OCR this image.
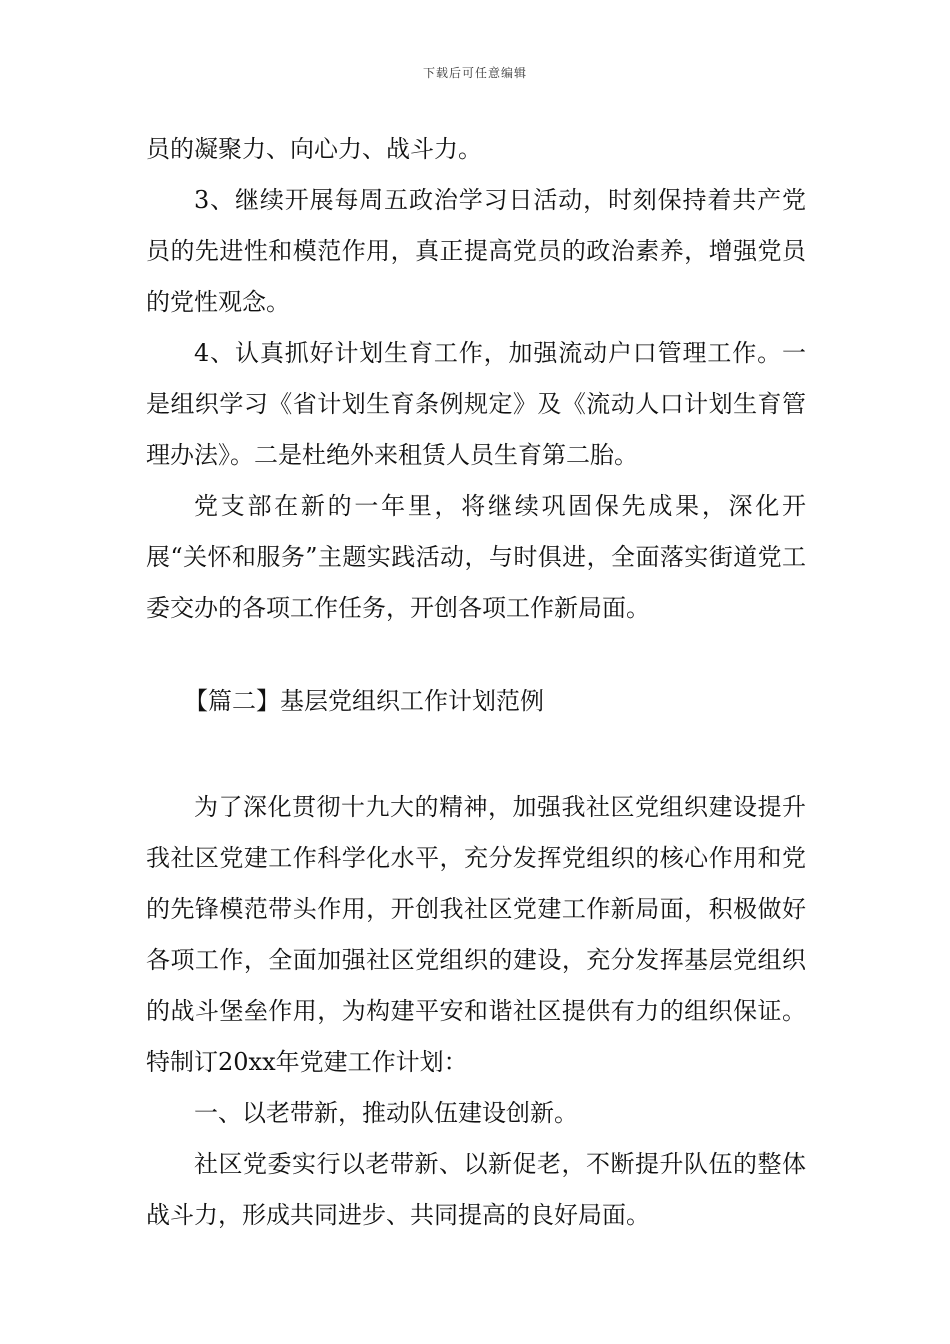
下载后可任意编辑

员的凝聚力、向心力、战斗力。

3、继续开展每周五政治学习日活动，时刻保持着共产党员的先进性和模范作用，真正提高党员的政治素养，增强党员的党性观念。

4、认真抓好计划生育工作，加强流动户口管理工作。一是组织学习《省计划生育条例规定》及《流动人口计划生育管理办法》。二是杜绝外来租赁人员生育第二胎。

党支部在新的一年里，将继续巩固保先成果，深化开展“关怀和服务”主题实践活动，与时俱进，全面落实街道党工委交办的各项工作任务，开创各项工作新局面。

【篇二】基层党组织工作计划范例

为了深化贯彻十九大的精神，加强我社区党组织建设提升我社区党建工作科学化水平，充分发挥党组织的核心作用和党的先锋模范带头作用，开创我社区党建工作新局面，积极做好各项工作，全面加强社区党组织的建设，充分发挥基层党组织的战斗堡垒作用，为构建平安和谐社区提供有力的组织保证。特制订20xx年党建工作计划：

一、以老带新，推动队伍建设创新。

社区党委实行以老带新、以新促老，不断提升队伍的整体战斗力，形成共同进步、共同提高的良好局面。
